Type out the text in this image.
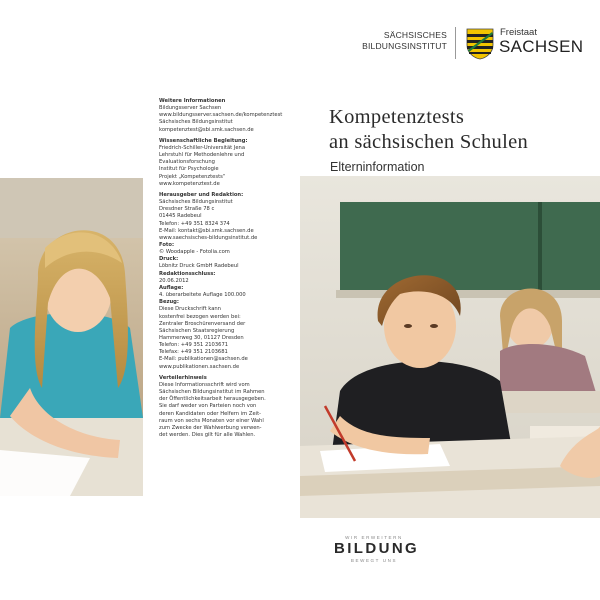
SÄCHSISCHES
BILDUNGSINSTITUT
Freistaat
SACHSEN

Weitere Informationen

Bildungsserver Sachsen

www.bildungsserver.sachsen.de/kompetenztest

Sächsisches Bildungsinstitut

kompetenztest@sbi.smk.sachsen.de

Wissenschaftliche Begleitung:

Friedrich-Schiller-Universität Jena

Lehrstuhl für Methodenlehre und

Evaluationsforschung

Institut für Psychologie

Projekt „Kompetenztests“

www.kompetenztest.de

Herausgeber und Redaktion:

Sächsisches Bildungsinstitut

Dresdner Straße 78 c

01445 Radebeul

Telefon: +49 351 8324 374

E-Mail: kontakt@sbi.smk.sachsen.de

www.saechsisches-bildungsinstitut.de

Foto:

© Woodapple - Fotolia.com

Druck:

Löbnitz Druck GmbH Radebeul

Redaktionsschluss:

20.06.2012

Auflage:

4. überarbeitete Auflage 100.000

Bezug:

Diese Druckschrift kann

kostenfrei bezogen werden bei:

Zentraler Broschürenversand der

Sächsischen Staatsregierung

Hammerweg 30, 01127 Dresden

Telefon: +49 351 2103671

Telefax: +49 351 2103681

E-Mail: publikationen@sachsen.de

www.publikationen.sachsen.de

Verteilerhinweis

Diese Informationsschrift wird vom

Sächsischen Bildungsinstitut im Rahmen

der Öffentlichkeitsarbeit herausgegeben.

Sie darf weder von Parteien noch von

deren Kandidaten oder Helfern im Zeit-

raum von sechs Monaten vor einer Wahl

zum Zwecke der Wahlwerbung verwen-

det werden. Dies gilt für alle Wahlen.

Kompetenztests
an sächsischen Schulen
Elterninformation
WIR ERWEITERN
BILDUNG
BEWEGT UNS
